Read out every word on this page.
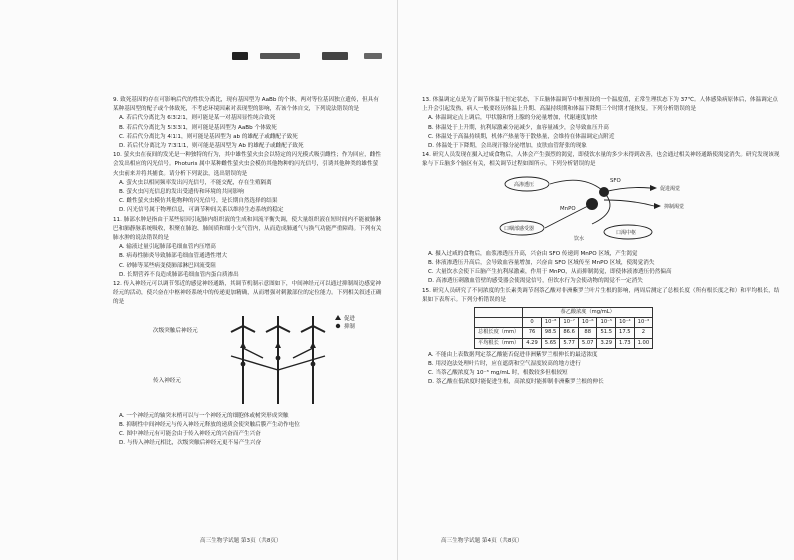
9. 致死基因的存在可影响后代的性状分离比，现有基因型为 AaBb 的个体，两对等位基因独立遗传，但具有某种基因型的配子或个体致死，不考虑环境因素对表现型的影响，若该个体自交，下列说法错误的是

A. 若后代分离比为 6∶3∶2∶1，则可能是某一对基因显性纯合致死

B. 若后代分离比为 5∶3∶3∶1，则可能是基因型为 AaBb 个体致死

C. 若后代分离比为 4∶1∶1，则可能是基因型为 ab 的雄配子或雌配子致死

D. 若后代分离比为 7∶3∶1∶1，则可能是基因型为 Ab 的雄配子或雌配子致死

10. 萤火虫在夜间的发光是一种独特的行为，其中雄性萤火虫会以特定的闪光模式吸引雌性；作为回应，雌性会发出相应的闪光信号。Photuris 属中某种雌性萤火虫会模仿其他物种的闪光信号，引诱其他种类的雄性萤火虫前来并将其捕食。请分析下列说法，选出错误的是

A. 萤火虫以相同频率发出闪光信号，不能交配，存在生殖隔离

B. 萤火虫闪光信息的发出受遗传和环境的共同影响

C. 雌性萤火虫模仿其他物种的闪光信号，是长期自然选择的结果

D. 闪光信号属于物理信息，可调节种间关系以维持生态系统的稳定

11. 肺部水肿是指由于某些原因引起肺内组织液的生成和回流平衡失调，使大量组织液在短时间内不能被肺淋巴和肺静脉系统吸收，积聚在肺泡、肺间质和细小支气管内，从而造成肺通气与换气功能严重障碍。下列有关肺水肿的说法错误的是

A. 输液过量引起肺部毛细血管内压增高

B. 病毒性肺炎导致肺部毛细血管通透性增大

C. 砂肺等某些病变使肺部淋巴回流受阻

D. 长期营养不良造成肺部毛细血管内蛋白质渗出

12. 传入神经元可以调节邻近的感觉神经通路，其调节机制示意图如下，中间神经元可以通过抑制周边感觉神经元的活动，使兴奋在中枢神经系统中的传递更加精确，从而增强对刺激部位的定位能力。下列相关叙述正确的是

次级突触后神经元
传入神经元
促进
抑制

A. 一个神经元的轴突末梢可以与一个神经元的细胞体或树突形成突触

B. 抑制性中间神经元与传入神经元释放的递质会使突触后膜产生动作电位

C. 图中神经元有可能会由于传入神经元的兴奋而产生兴奋

D. 与传入神经元相比，次级突触后神经元更不易产生兴奋

高三生物学试题 第3页（共8页）

13. 体温调定点是为了调节体温于恒定状态，下丘脑体温调节中枢预设的一个温度值，正常生理状态下为 37℃。人体感染病原体后，体温调定点上升会引起发热，病人一般要经历体温上升期、高温持续期和体温下降期三个时期才能恢复。下列分析错误的是

A. 体温调定点上调后，甲状腺和肾上腺的分泌量增加，代谢速度加快

B. 体温处于上升期，抗利尿激素分泌减少，血容量减少，会导致血压升高

C. 体温处于高温持续期，机体产热量等于散热量，会维持在体温调定点附近

D. 体温处于下降期，会出现汗腺分泌增加，皮肤血管舒张的现象

14. 研究人员发现在摄入过咸食物后，人体会产生强烈的渴觉，即使饮水量的多少未得到改善，也会通过相关神经通路使渴觉消失。研究发现该现象与下丘脑多个脑区有关，相关调节过程如图所示，下列分析错误的是

高渗透压
口咽部感受器
口渴中枢
SFO
MnPO
饮水
促进渴觉
抑制渴觉

A. 摄入过咸的食物后，血浆渗透压升高，兴奋由 SFO 传递到 MnPO 区域，产生渴觉

B. 体液渗透压升高后，会导致血容量增加，兴奋由 SFO 区域传至 MnPO 区域，使渴觉消失

C. 大量饮水会使下丘脑产生抗利尿激素，作用于 MnPO，从而抑制渴觉，即使体液渗透压仍然偏高

D. 高渗透压刺激血管壁的感受器会使渴觉信号，但饮水行为会使动物的渴觉不一定消失

15. 研究人员研究了不同浓度的生长素类调节剂萘乙酸对非洲紫罗兰叶片生根的影响，两周后测定了总根长度（所有根长度之和）和平均根长，结果如下表所示。下列分析错误的是

	萘乙酸浓度（mg/mL）						
	0	10⁻⁸	10⁻⁷	10⁻⁶	10⁻⁵	10⁻⁴	10⁻³
总根长度（mm）	76	98.5	86.6	88	51.5	17.5	2
平均根长（mm）	4.29	5.65	5.77	5.07	3.29	1.73	1.00

A. 不能由上表数据判定萘乙酸能否促进非洲紫罗兰根伸长的最适浓度

B. 用浸泡法处理叶片时，应在遮荫和空气湿度较高的地方进行

C. 当萘乙酸浓度为 10⁻³ mg/mL 时，根数较多但根较短

D. 萘乙酸在低浓度时能促进生根，高浓度时能抑制非洲紫罗兰根的伸长

高三生物学试题 第4页（共8页）
